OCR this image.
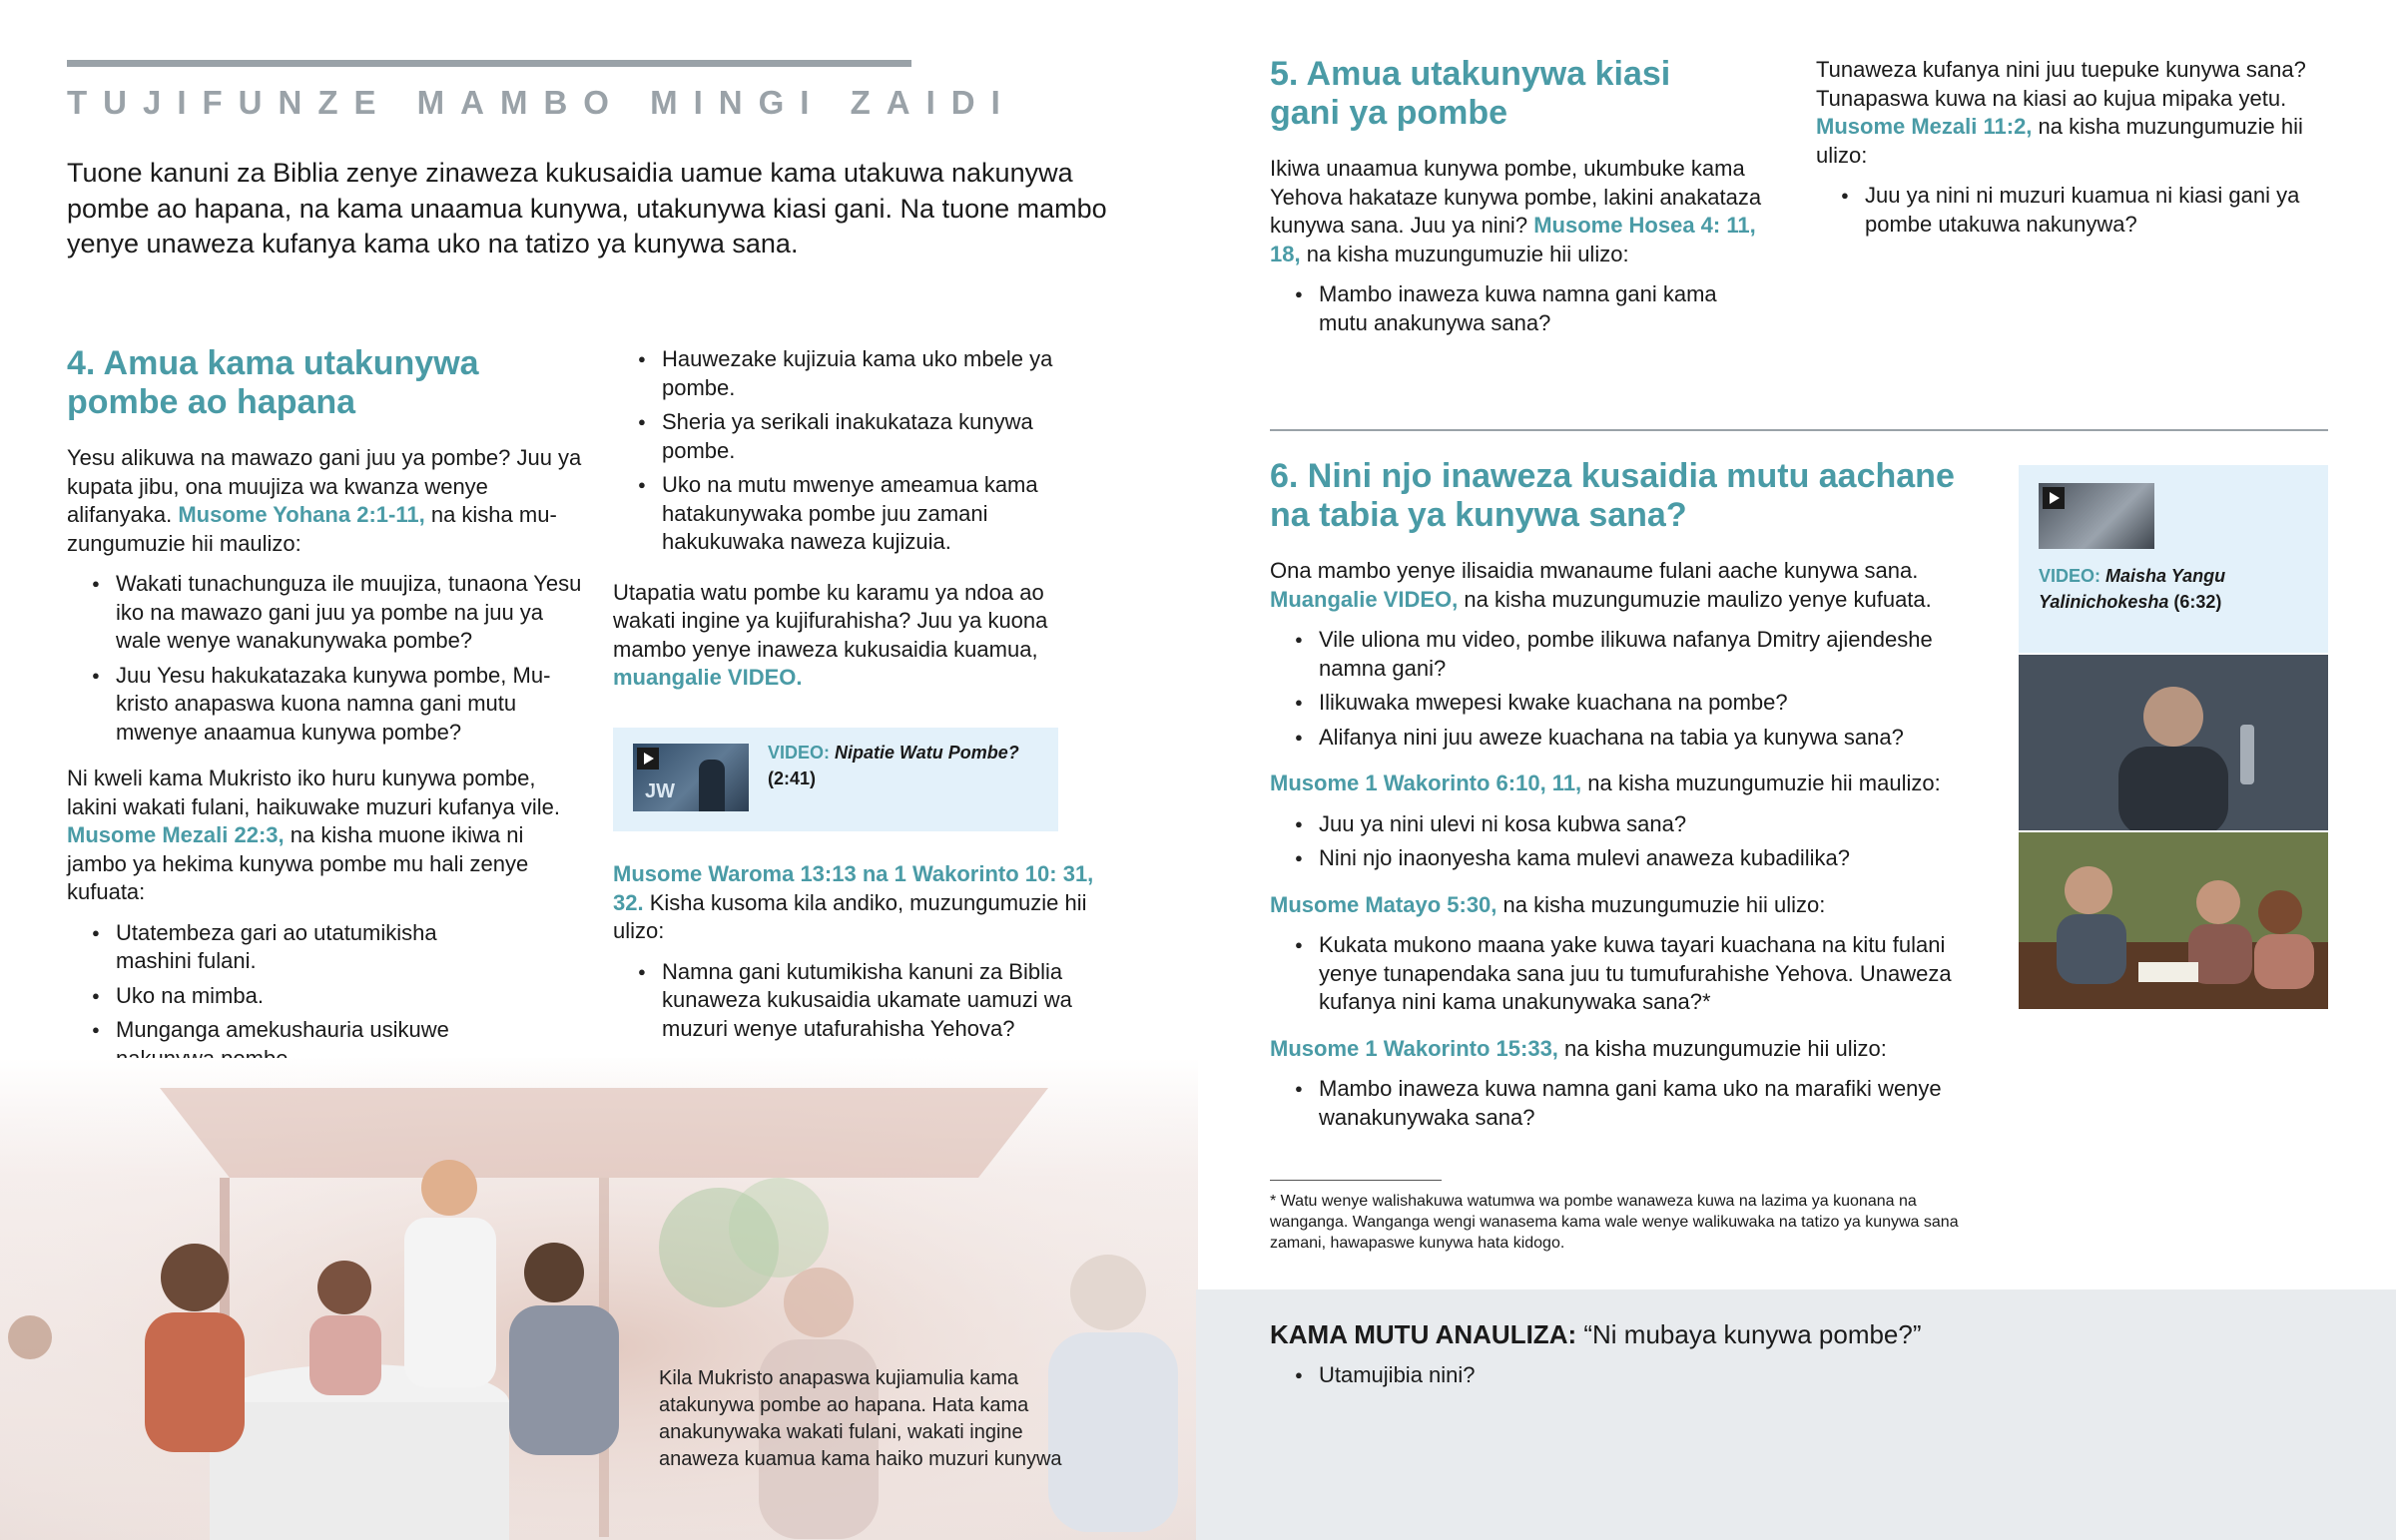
TUJIFUNZE MAMBO MINGI ZAIDI
Tuone kanuni za Biblia zenye zinaweza kukusaidia uamue kama utakuwa nakunywa pombe ao hapana, na kama unaamua kunywa, utakunywa kiasi gani. Na tuone mambo yenye unaweza kufanya kama uko na tatizo ya kunywa sana.
4. Amua kama utakunywa pombe ao hapana

Yesu alikuwa na mawazo gani juu ya pombe? Juu ya kupata jibu, ona muujiza wa kwanza wenye alifanyaka. Musome Yohana 2:1-11, na kisha muzungumuzie hii maulizo:

● Wakati tunachunguza ile muujiza, tunaona Yesu iko na mawazo gani juu ya pombe na juu ya wale wenye wanakunywaka pombe?
● Juu Yesu hakukatazaka kunywa pombe, Mukristo anapaswa kuona namna gani mutu mwenye anaamua kunywa pombe?

Ni kweli kama Mukristo iko huru kunywa pombe, lakini wakati fulani, haikuwake muzuri kufanya vile. Musome Mezali 22:3, na kisha muone ikiwa ni jambo ya hekima kunywa pombe mu hali zenye kufuata:

● Utatembeza gari ao utatumikisha mashini fulani.
● Uko na mimba.
● Munganga amekushauria usikuwe
● Hauwezake kujizuia kama uko mbele ya pombe.
● Sheria ya serikali inakukataza kunywa pombe.
● Uko na mutu mwenye ameamua kama hatakunywaka pombe juu zamani hakukuwaka naweza kujizuia.

Utapatia watu pombe ku karamu ya ndoa ao wakati ingine ya kujifurahisha? Juu ya kuona mambo yenye inaweza kukusaidia kuamua, muangalie VIDEO.

JW
VIDEO: Nipatie Watu Pombe?
(2:41)

Musome Waroma 13:13 na 1 Wakorinto 10: 31, 32. Kisha kusoma kila andiko, muzungumuzie hii ulizo:

● Namna gani kutumikisha kanuni za Biblia kunaweza kukusaidia ukamate uamuzi wa muzuri wenye utafurahisha Yehova?
Kila Mukristo anapaswa kujiamulia kama atakunywa pombe ao hapana. Hata kama anakunywaka wakati fulani, wakati ingine anaweza kuamua kama haiko muzuri kunywa
5. Amua utakunywa kiasi gani ya pombe

Ikiwa unaamua kunywa pombe, ukumbuke kama Yehova hakataze kunywa pombe, lakini anakataza kunywa sana. Juu ya nini? Musome Hosea 4: 11, 18, na kisha muzungumuzie hii ulizo:

● Mambo inaweza kuwa namna gani kama mutu anakunywa sana?

Tunaweza kufanya nini juu tuepuke kunywa sana? Tunapaswa kuwa na kiasi ao kujua mipaka yetu. Musome Mezali 11:2, na kisha muzungumuzie hii ulizo:

● Juu ya nini ni muzuri kuamua ni kiasi gani ya pombe utakuwa nakunywa?
6. Nini njo inaweza kusaidia mutu aachane na tabia ya kunywa sana?

Ona mambo yenye ilisaidia mwanaume fulani aache kunywa sana. Muangalie VIDEO, na kisha muzungumuzie maulizo yenye kufuata.

● Vile uliona mu video, pombe ilikuwa nafanya Dmitry ajiendeshe namna gani?
● Ilikuwaka mwepesi kwake kuachana na pombe?
● Alifanya nini juu aweze kuachana na tabia ya kunywa sana?

Musome 1 Wakorinto 6:10, 11, na kisha muzungumuzie hii maulizo:

● Juu ya nini ulevi ni kosa kubwa sana?
● Nini njo inaonyesha kama mulevi anaweza kubadilika?

Musome Matayo 5:30, na kisha muzungumuzie hii ulizo:

● Kukata mukono maana yake kuwa tayari kuachana na kitu fulani yenye tunapendaka sana juu tu tumufurahishe Yehova. Unaweza kufanya nini kama unakunywaka sana?*

Musome 1 Wakorinto 15:33, na kisha muzungumuzie hii ulizo:

● Mambo inaweza kuwa namna gani kama uko na marafiki wenye wanakunywaka sana?
* Watu wenye walishakuwa watumwa wa pombe wanaweza kuwa na lazima ya kuonana na wanganga. Wanganga wengi wanasema kama wale wenye walikuwaka na tatizo ya kunywa sana zamani, hawapaswe kunywa hata kidogo.
VIDEO: Maisha Yangu Yalinichokesha (6:32)
KAMA MUTU ANAULIZA: “Ni mubaya kunywa pombe?”
● Utamujibia nini?
